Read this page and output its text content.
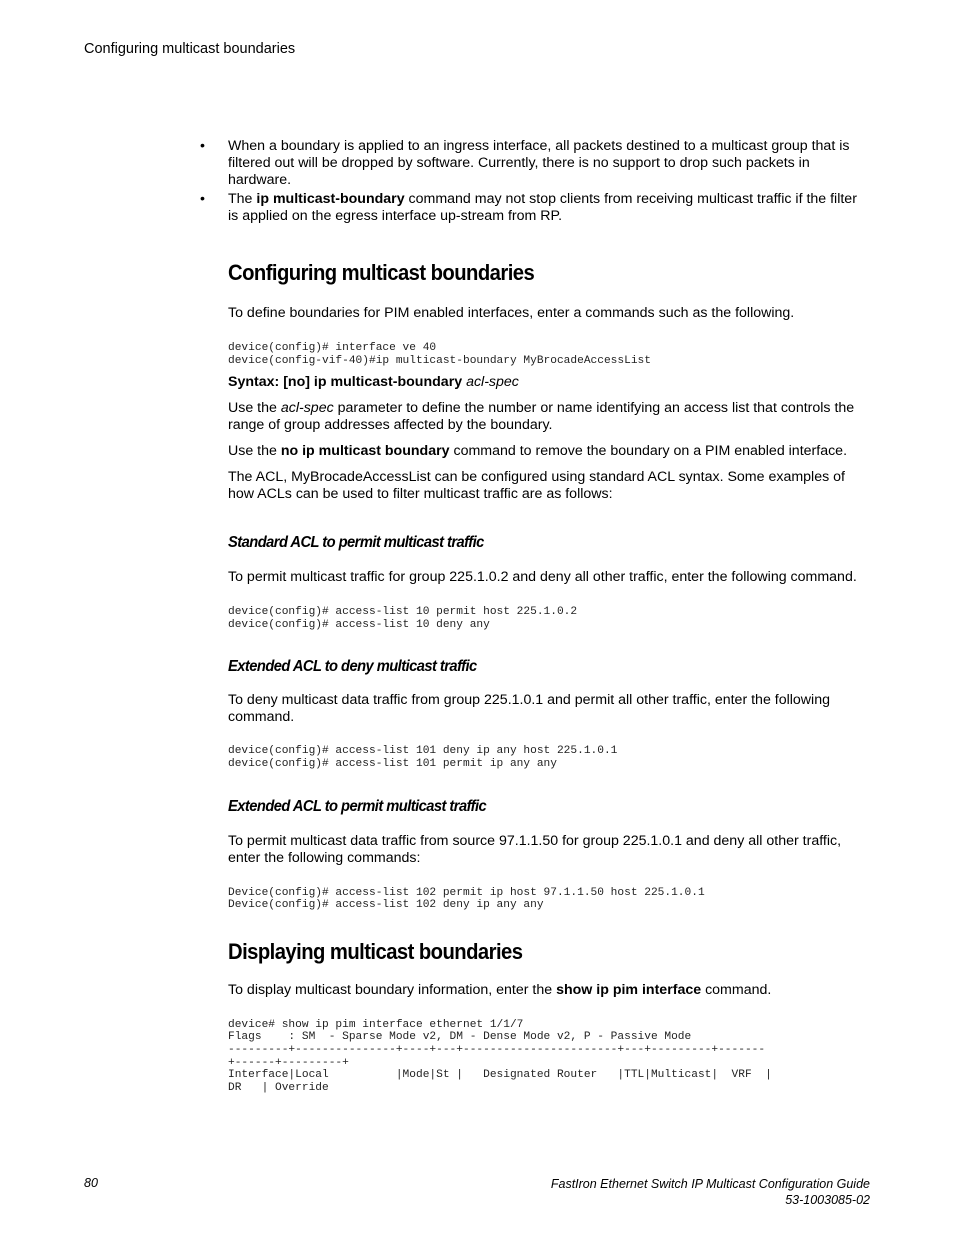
Configuring multicast boundaries
• When a boundary is applied to an ingress interface, all packets destined to a multicast group that is filtered out will be dropped by software. Currently, there is no support to drop such packets in hardware.
• The ip multicast-boundary command may not stop clients from receiving multicast traffic if the filter is applied on the egress interface up-stream from RP.
Configuring multicast boundaries

To define boundaries for PIM enabled interfaces, enter a commands such as the following.

device(config)# interface ve 40
device(config-vif-40)#ip multicast-boundary MyBrocadeAccessList

Syntax: [no] ip multicast-boundary acl-spec

Use the acl-spec parameter to define the number or name identifying an access list that controls the range of group addresses affected by the boundary.

Use the no ip multicast boundary command to remove the boundary on a PIM enabled interface.

The ACL, MyBrocadeAccessList can be configured using standard ACL syntax. Some examples of how ACLs can be used to filter multicast traffic are as follows:

Standard ACL to permit multicast traffic

To permit multicast traffic for group 225.1.0.2 and deny all other traffic, enter the following command.

device(config)# access-list 10 permit host 225.1.0.2
device(config)# access-list 10 deny any
Extended ACL to deny multicast traffic

To deny multicast data traffic from group 225.1.0.1 and permit all other traffic, enter the following command.

device(config)# access-list 101 deny ip any host 225.1.0.1
device(config)# access-list 101 permit ip any any
Extended ACL to permit multicast traffic

To permit multicast data traffic from source 97.1.1.50 for group 225.1.0.1 and deny all other traffic, enter the following commands:

Device(config)# access-list 102 permit ip host 97.1.1.50 host 225.1.0.1
Device(config)# access-list 102 deny ip any any
Displaying multicast boundaries

To display multicast boundary information, enter the show ip pim interface command.

device# show ip pim interface ethernet 1/1/7
Flags    : SM  - Sparse Mode v2, DM - Dense Mode v2, P - Passive Mode
---------+---------------+----+---+-----------------------+---+---------+-------
+------+---------+
Interface|Local          |Mode|St |   Designated Router   |TTL|Multicast|  VRF  |
DR   | Override
80	FastIron Ethernet Switch IP Multicast Configuration Guide
53-1003085-02
